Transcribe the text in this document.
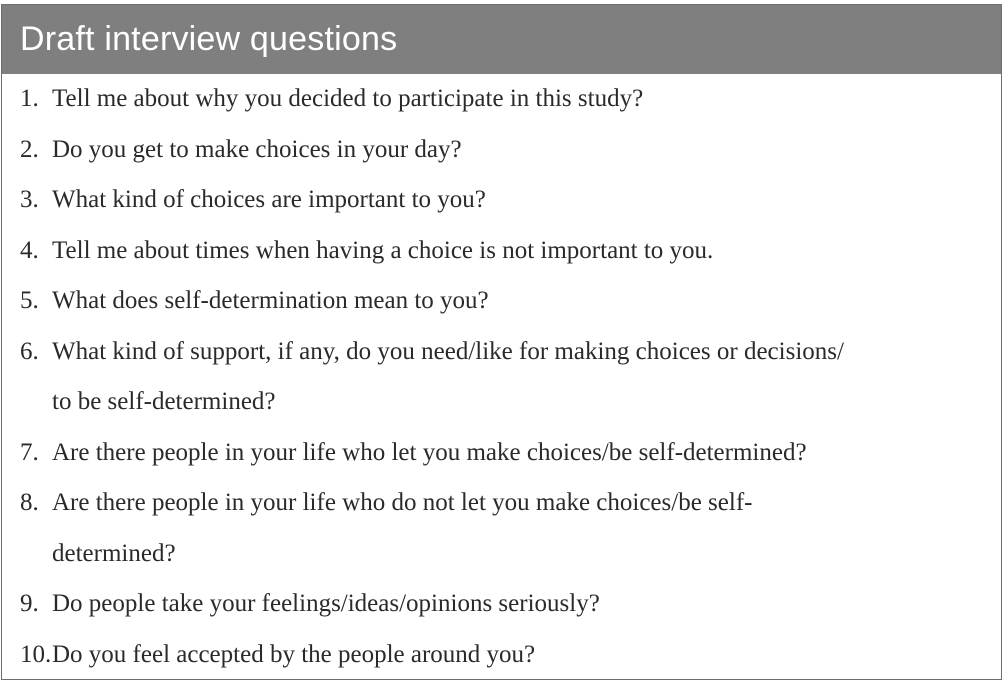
Draft interview questions
1. Tell me about why you decided to participate in this study?
2. Do you get to make choices in your day?
3. What kind of choices are important to you?
4. Tell me about times when having a choice is not important to you.
5. What does self-determination mean to you?
6. What kind of support, if any, do you need/like for making choices or decisions/
to be self-determined?
7. Are there people in your life who let you make choices/be self-determined?
8. Are there people in your life who do not let you make choices/be self-
determined?
9. Do people take your feelings/ideas/opinions seriously?
10. Do you feel accepted by the people around you?
